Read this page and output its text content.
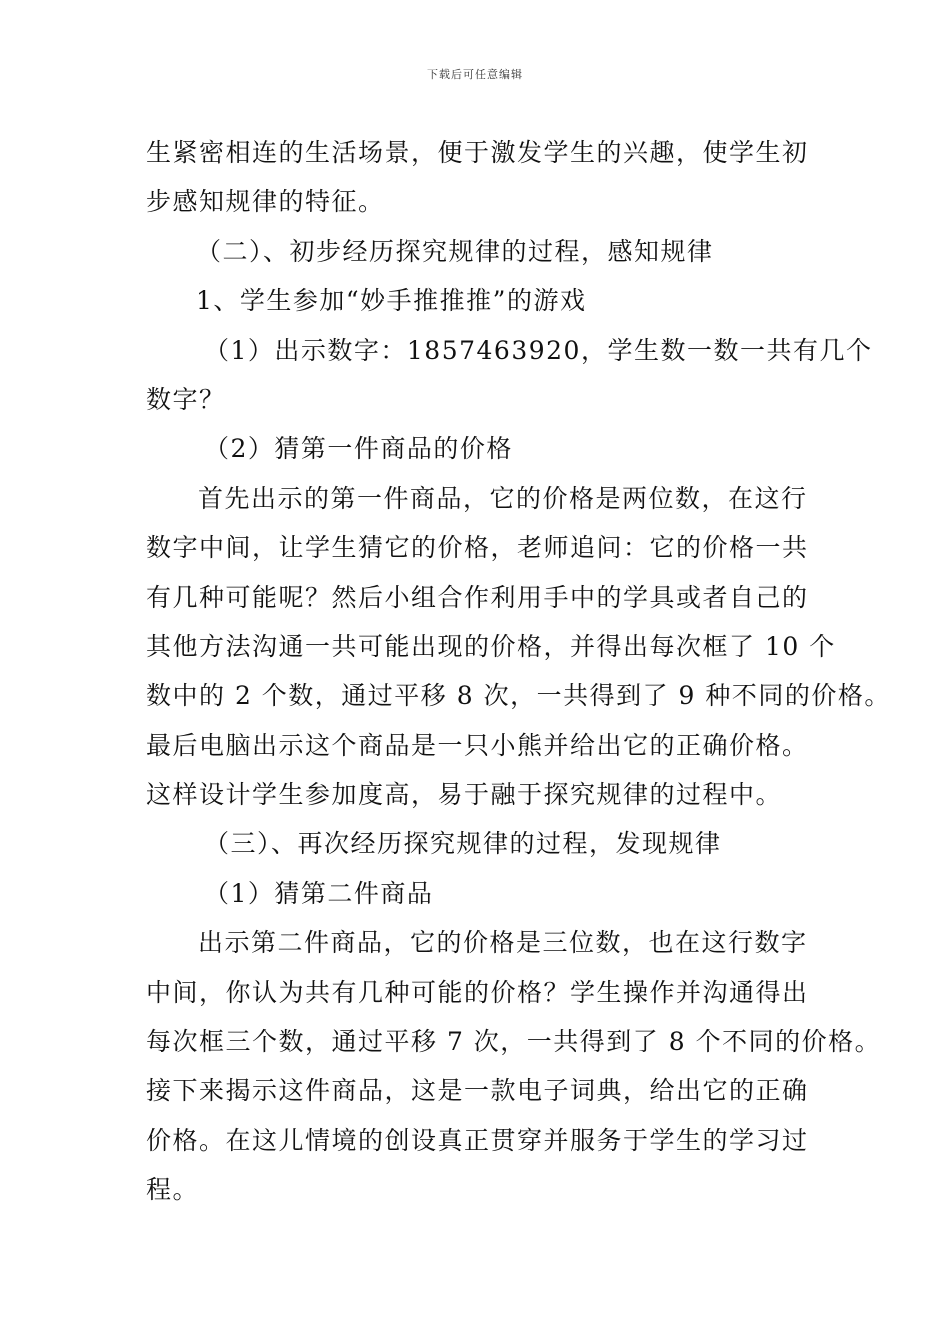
下载后可任意编辑
生紧密相连的生活场景，便于激发学生的兴趣，使学生初
步感知规律的特征。
（二）、初步经历探究规律的过程，感知规律
1、学生参加“妙手推推推”的游戏
（1）出示数字：1857463920，学生数一数一共有几个
数字？
（2）猜第一件商品的价格
首先出示的第一件商品，它的价格是两位数，在这行
数字中间，让学生猜它的价格，老师追问：它的价格一共
有几种可能呢？然后小组合作利用手中的学具或者自己的
其他方法沟通一共可能出现的价格，并得出每次框了 10 个
数中的 2 个数，通过平移 8 次，一共得到了 9 种不同的价格。
最后电脑出示这个商品是一只小熊并给出它的正确价格。
这样设计学生参加度高，易于融于探究规律的过程中。
（三）、再次经历探究规律的过程，发现规律
（1）猜第二件商品
出示第二件商品，它的价格是三位数，也在这行数字
中间，你认为共有几种可能的价格？学生操作并沟通得出
每次框三个数，通过平移 7 次，一共得到了 8 个不同的价格。
接下来揭示这件商品，这是一款电子词典，给出它的正确
价格。在这儿情境的创设真正贯穿并服务于学生的学习过
程。
